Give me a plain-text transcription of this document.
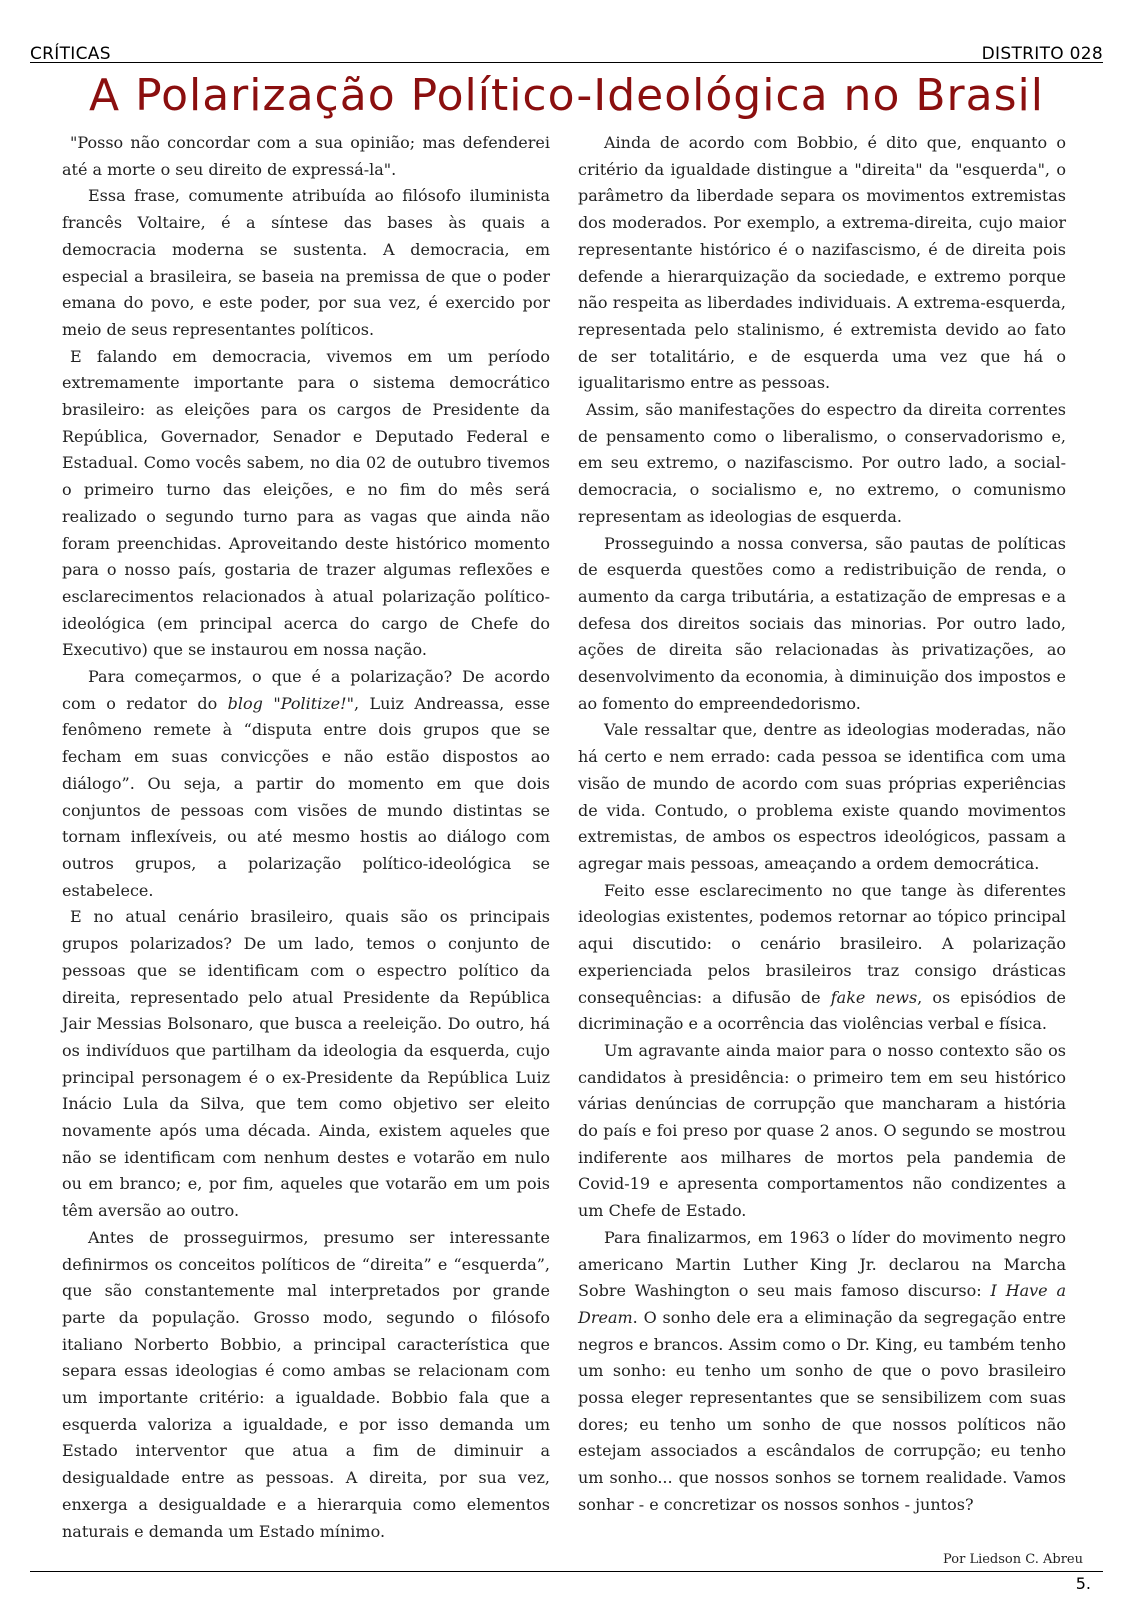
CRÍTICAS	DISTRITO 028
A Polarização Político-Ideológica no Brasil

"Posso não concordar com a sua opinião; mas defenderei até a morte o seu direito de expressá-la".

Essa frase, comumente atribuída ao filósofo iluminista francês Voltaire, é a síntese das bases às quais a democracia moderna se sustenta. A democracia, em especial a brasileira, se baseia na premissa de que o poder emana do povo, e este poder, por sua vez, é exercido por meio de seus representantes políticos.

E falando em democracia, vivemos em um período extremamente importante para o sistema democrático brasileiro: as eleições para os cargos de Presidente da República, Governador, Senador e Deputado Federal e Estadual. Como vocês sabem, no dia 02 de outubro tivemos o primeiro turno das eleições, e no fim do mês será realizado o segundo turno para as vagas que ainda não foram preenchidas. Aproveitando deste histórico momento para o nosso país, gostaria de trazer algumas reflexões e esclarecimentos relacionados à atual polarização político-ideológica (em principal acerca do cargo de Chefe do Executivo) que se instaurou em nossa nação.

Para começarmos, o que é a polarização? De acordo com o redator do blog "Politize!", Luiz Andreassa, esse fenômeno remete à “disputa entre dois grupos que se fecham em suas convicções e não estão dispostos ao diálogo”. Ou seja, a partir do momento em que dois conjuntos de pessoas com visões de mundo distintas se tornam inflexíveis, ou até mesmo hostis ao diálogo com outros grupos, a polarização político-ideológica se estabelece.

E no atual cenário brasileiro, quais são os principais grupos polarizados? De um lado, temos o conjunto de pessoas que se identificam com o espectro político da direita, representado pelo atual Presidente da República Jair Messias Bolsonaro, que busca a reeleição. Do outro, há os indivíduos que partilham da ideologia da esquerda, cujo principal personagem é o ex-Presidente da República Luiz Inácio Lula da Silva, que tem como objetivo ser eleito novamente após uma década. Ainda, existem aqueles que não se identificam com nenhum destes e votarão em nulo ou em branco; e, por fim, aqueles que votarão em um pois têm aversão ao outro.

Antes de prosseguirmos, presumo ser interessante definirmos os conceitos políticos de “direita” e “esquerda”, que são constantemente mal interpretados por grande parte da população. Grosso modo, segundo o filósofo italiano Norberto Bobbio, a principal característica que separa essas ideologias é como ambas se relacionam com um importante critério: a igualdade. Bobbio fala que a esquerda valoriza a igualdade, e por isso demanda um Estado interventor que atua a fim de diminuir a desigualdade entre as pessoas. A direita, por sua vez, enxerga a desigualdade e a hierarquia como elementos naturais e demanda um Estado mínimo.

Ainda de acordo com Bobbio, é dito que, enquanto o critério da igualdade distingue a "direita" da "esquerda", o parâmetro da liberdade separa os movimentos extremistas dos moderados. Por exemplo, a extrema-direita, cujo maior representante histórico é o nazifascismo, é de direita pois defende a hierarquização da sociedade, e extremo porque não respeita as liberdades individuais. A extrema-esquerda, representada pelo stalinismo, é extremista devido ao fato de ser totalitário, e de esquerda uma vez que há o igualitarismo entre as pessoas.

Assim, são manifestações do espectro da direita correntes de pensamento como o liberalismo, o conservadorismo e, em seu extremo, o nazifascismo. Por outro lado, a social-democracia, o socialismo e, no extremo, o comunismo representam as ideologias de esquerda.

Prosseguindo a nossa conversa, são pautas de políticas de esquerda questões como a redistribuição de renda, o aumento da carga tributária, a estatização de empresas e a defesa dos direitos sociais das minorias. Por outro lado, ações de direita são relacionadas às privatizações, ao desenvolvimento da economia, à diminuição dos impostos e ao fomento do empreendedorismo.

Vale ressaltar que, dentre as ideologias moderadas, não há certo e nem errado: cada pessoa se identifica com uma visão de mundo de acordo com suas próprias experiências de vida. Contudo, o problema existe quando movimentos extremistas, de ambos os espectros ideológicos, passam a agregar mais pessoas, ameaçando a ordem democrática.

Feito esse esclarecimento no que tange às diferentes ideologias existentes, podemos retornar ao tópico principal aqui discutido: o cenário brasileiro. A polarização experienciada pelos brasileiros traz consigo drásticas consequências: a difusão de fake news, os episódios de dicriminação e a ocorrência das violências verbal e física.

Um agravante ainda maior para o nosso contexto são os candidatos à presidência: o primeiro tem em seu histórico várias denúncias de corrupção que mancharam a história do país e foi preso por quase 2 anos. O segundo se mostrou indiferente aos milhares de mortos pela pandemia de Covid-19 e apresenta comportamentos não condizentes a um Chefe de Estado.

Para finalizarmos, em 1963 o líder do movimento negro americano Martin Luther King Jr. declarou na Marcha Sobre Washington o seu mais famoso discurso: I Have a Dream. O sonho dele era a eliminação da segregação entre negros e brancos. Assim como o Dr. King, eu também tenho um sonho: eu tenho um sonho de que o povo brasileiro possa eleger representantes que se sensibilizem com suas dores; eu tenho um sonho de que nossos políticos não estejam associados a escândalos de corrupção; eu tenho um sonho... que nossos sonhos se tornem realidade. Vamos sonhar - e concretizar os nossos sonhos - juntos?

Por Liedson C. Abreu
5.
